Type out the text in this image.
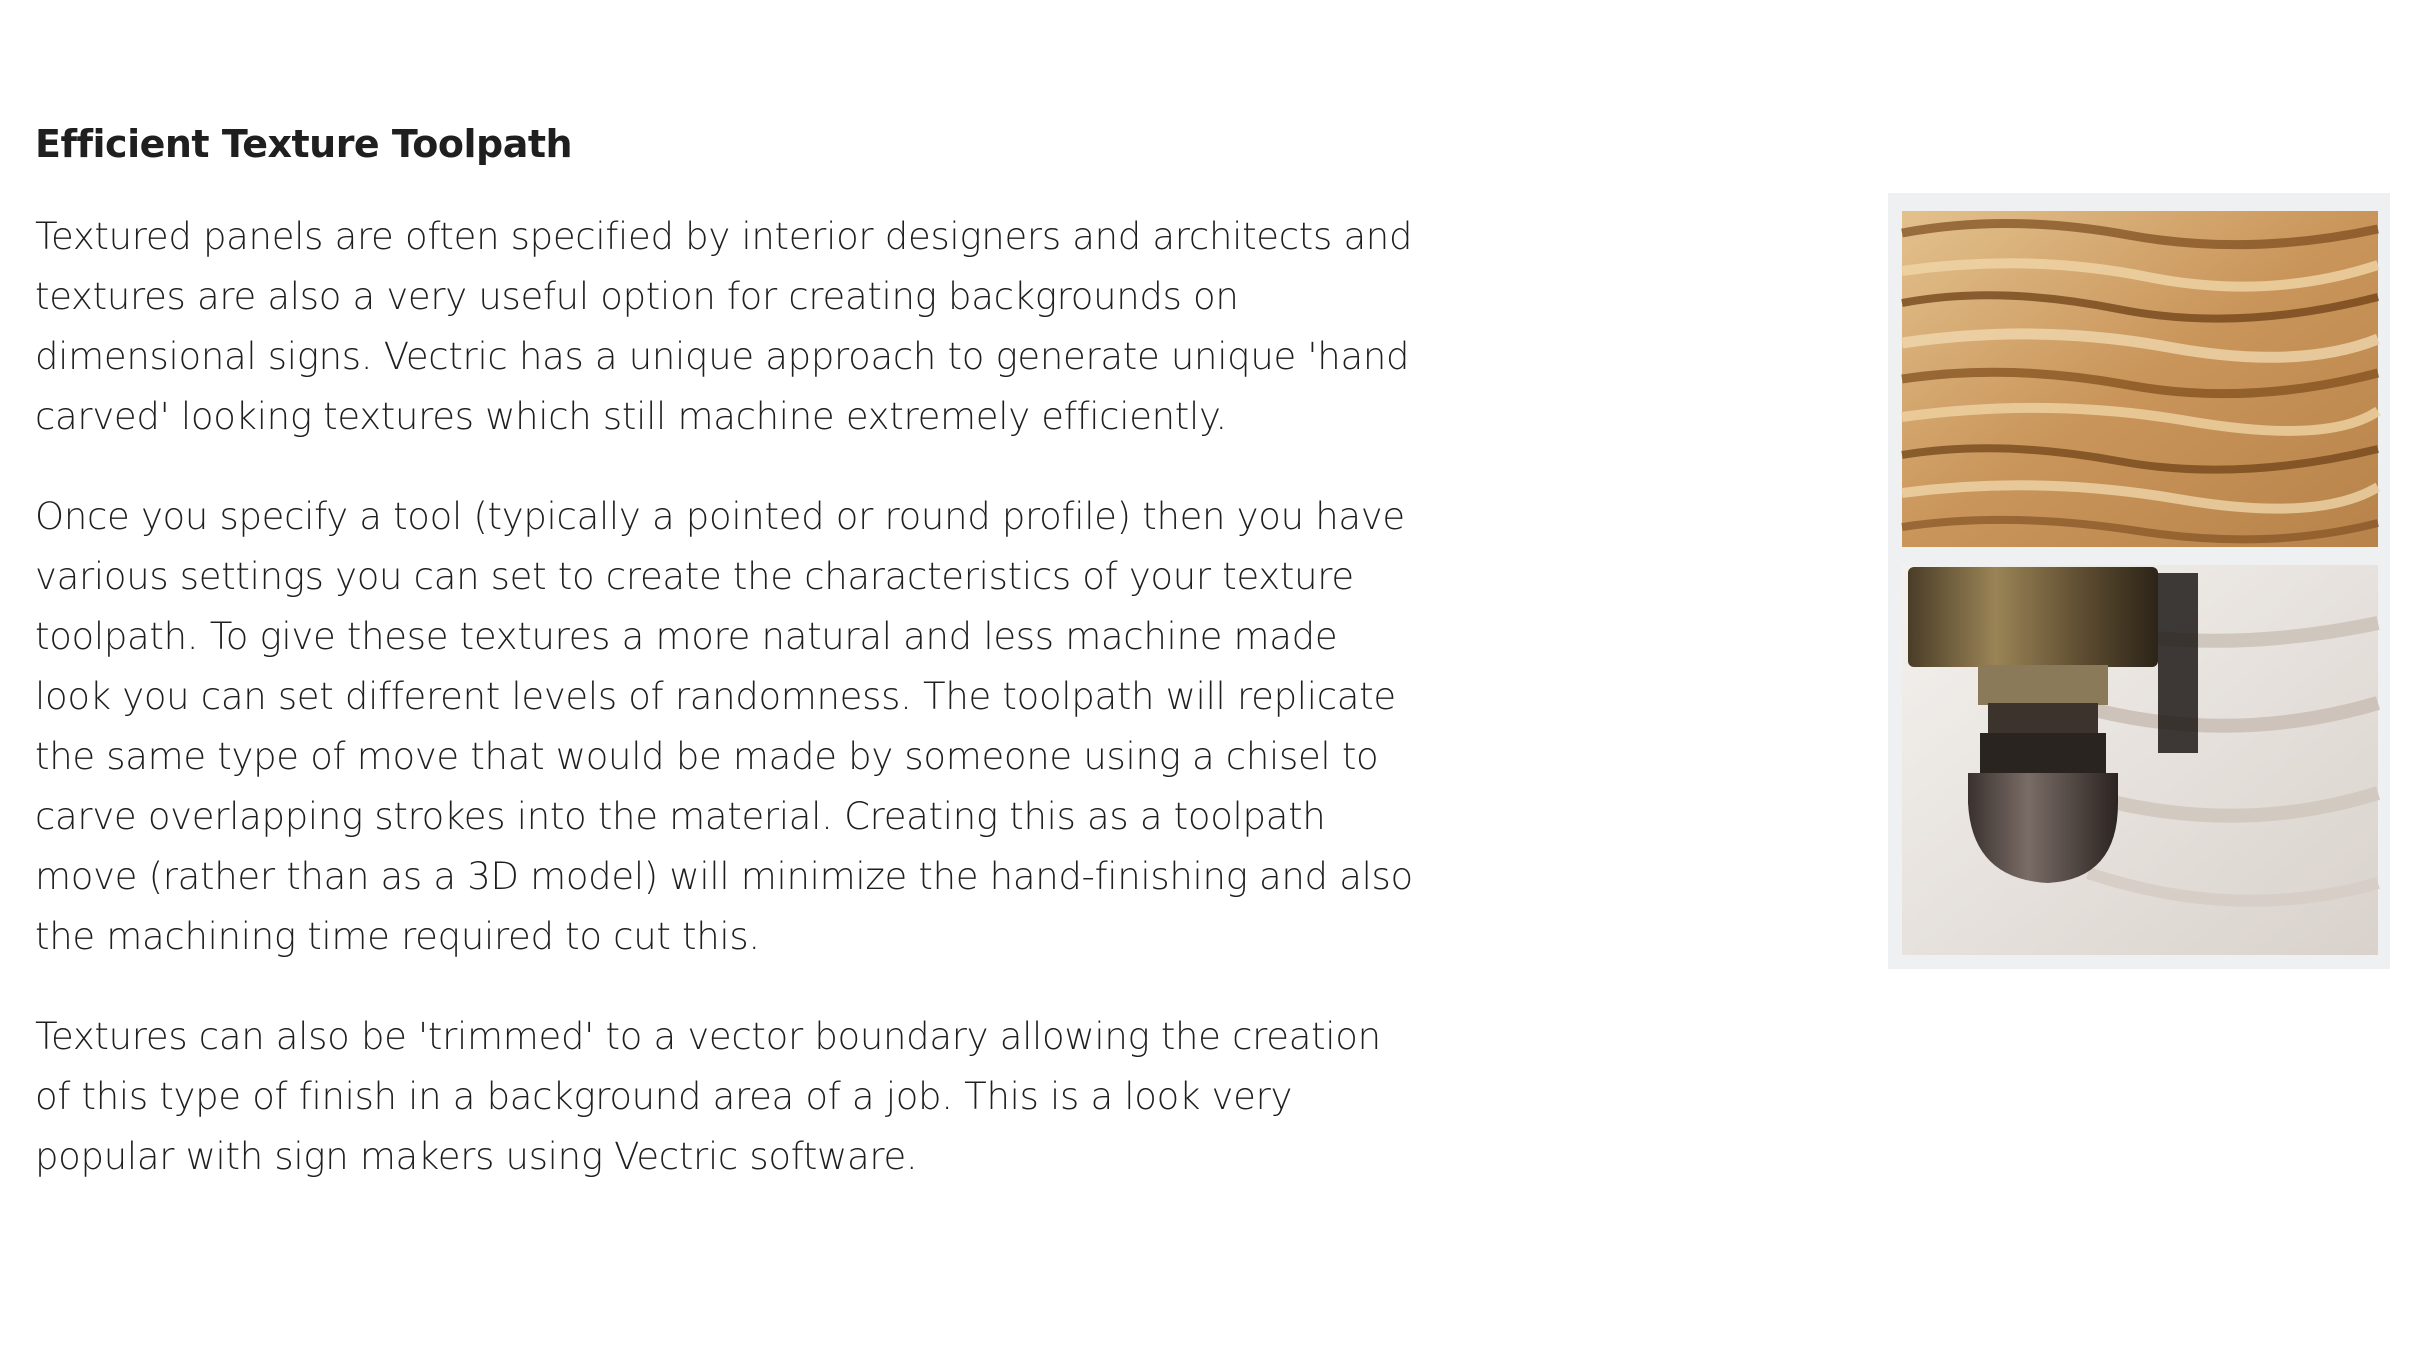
Efficient Texture Toolpath

Textured panels are often specified by interior designers and architects and textures are also a very useful option for creating backgrounds on dimensional signs. Vectric has a unique approach to generate unique 'hand carved' looking textures which still machine extremely efficiently.

Once you specify a tool (typically a pointed or round profile) then you have various settings you can set to create the characteristics of your texture toolpath. To give these textures a more natural and less machine made look you can set different levels of randomness. The toolpath will replicate the same type of move that would be made by someone using a chisel to carve overlapping strokes into the material. Creating this as a toolpath move (rather than as a 3D model) will minimize the hand-finishing and also the machining time required to cut this.

Textures can also be 'trimmed' to a vector boundary allowing the creation of this type of finish in a background area of a job. This is a look very popular with sign makers using Vectric software.
